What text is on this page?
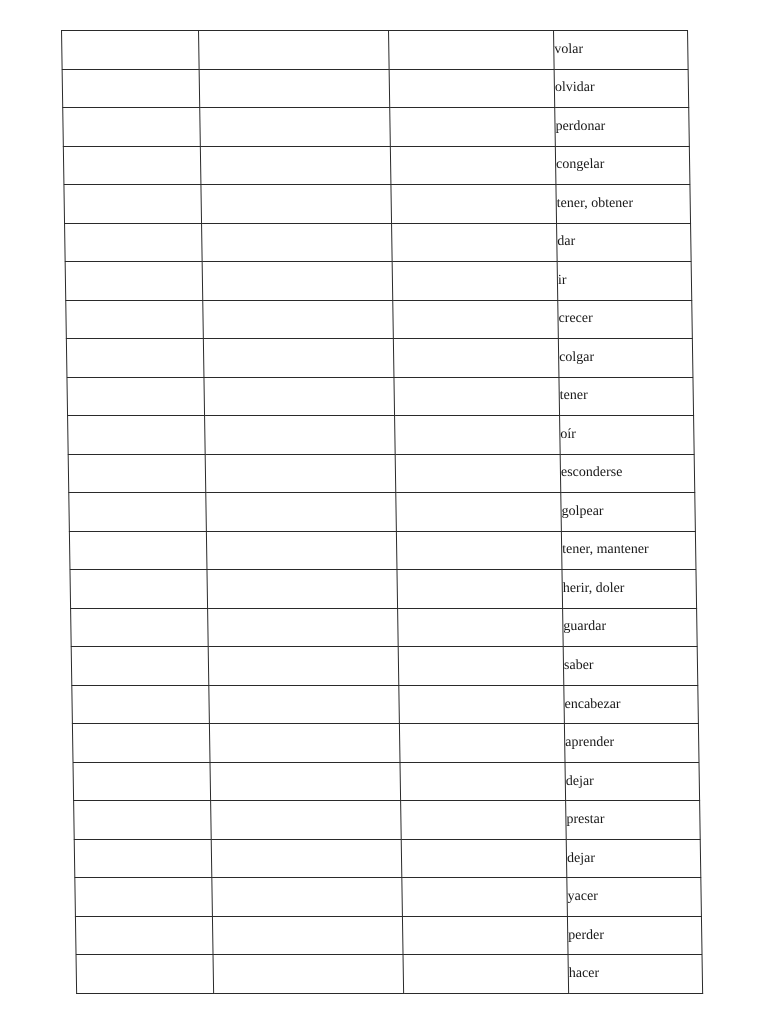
			volar
			olvidar
			perdonar
			congelar
			tener, obtener
			dar
			ir
			crecer
			colgar
			tener
			oír
			esconderse
			golpear
			tener, mantener
			herir, doler
			guardar
			saber
			encabezar
			aprender
			dejar
			prestar
			dejar
			yacer
			perder
			hacer
